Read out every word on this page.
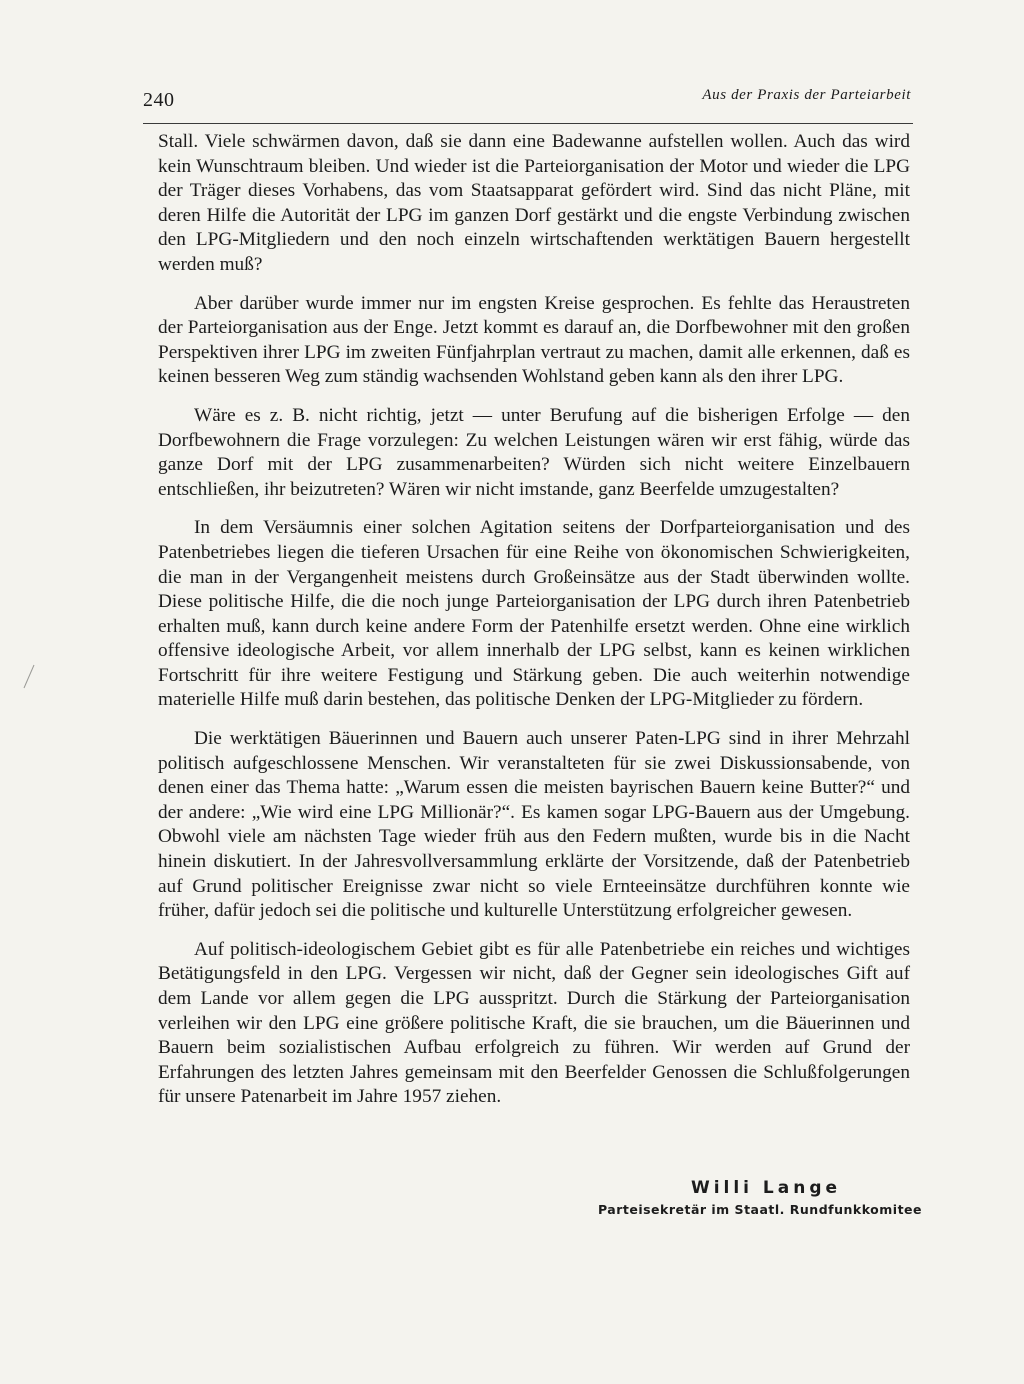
240	Aus der Praxis der Parteiarbeit

Stall. Viele schwärmen davon, daß sie dann eine Badewanne aufstellen wollen. Auch das wird kein Wunschtraum bleiben. Und wieder ist die Parteiorganisation der Motor und wieder die LPG der Träger dieses Vorhabens, das vom Staatsapparat gefördert wird. Sind das nicht Pläne, mit deren Hilfe die Autorität der LPG im ganzen Dorf gestärkt und die engste Verbindung zwischen den LPG-Mitgliedern und den noch einzeln wirtschaftenden werktätigen Bauern hergestellt werden muß?

Aber darüber wurde immer nur im engsten Kreise gesprochen. Es fehlte das Heraustreten der Parteiorganisation aus der Enge. Jetzt kommt es darauf an, die Dorfbewohner mit den großen Perspektiven ihrer LPG im zweiten Fünfjahrplan vertraut zu machen, damit alle erkennen, daß es keinen besseren Weg zum ständig wachsenden Wohlstand geben kann als den ihrer LPG.

Wäre es z. B. nicht richtig, jetzt — unter Berufung auf die bisherigen Erfolge — den Dorfbewohnern die Frage vorzulegen: Zu welchen Leistungen wären wir erst fähig, würde das ganze Dorf mit der LPG zusammenarbeiten? Würden sich nicht weitere Einzelbauern entschließen, ihr beizutreten? Wären wir nicht imstande, ganz Beerfelde umzugestalten?

In dem Versäumnis einer solchen Agitation seitens der Dorfparteiorganisation und des Patenbetriebes liegen die tieferen Ursachen für eine Reihe von ökonomischen Schwierigkeiten, die man in der Vergangenheit meistens durch Großeinsätze aus der Stadt überwinden wollte. Diese politische Hilfe, die die noch junge Parteiorganisation der LPG durch ihren Patenbetrieb erhalten muß, kann durch keine andere Form der Patenhilfe ersetzt werden. Ohne eine wirklich offensive ideologische Arbeit, vor allem innerhalb der LPG selbst, kann es keinen wirklichen Fortschritt für ihre weitere Festigung und Stärkung geben. Die auch weiterhin notwendige materielle Hilfe muß darin bestehen, das politische Denken der LPG-Mitglieder zu fördern.

Die werktätigen Bäuerinnen und Bauern auch unserer Paten-LPG sind in ihrer Mehrzahl politisch aufgeschlossene Menschen. Wir veranstalteten für sie zwei Diskussionsabende, von denen einer das Thema hatte: „Warum essen die meisten bayrischen Bauern keine Butter?“ und der andere: „Wie wird eine LPG Millionär?“. Es kamen sogar LPG-Bauern aus der Umgebung. Obwohl viele am nächsten Tage wieder früh aus den Federn mußten, wurde bis in die Nacht hinein diskutiert. In der Jahresvollversammlung erklärte der Vorsitzende, daß der Patenbetrieb auf Grund politischer Ereignisse zwar nicht so viele Ernteeinsätze durchführen konnte wie früher, dafür jedoch sei die politische und kulturelle Unterstützung erfolgreicher gewesen.

Auf politisch-ideologischem Gebiet gibt es für alle Patenbetriebe ein reiches und wichtiges Betätigungsfeld in den LPG. Vergessen wir nicht, daß der Gegner sein ideologisches Gift auf dem Lande vor allem gegen die LPG ausspritzt. Durch die Stärkung der Parteiorganisation verleihen wir den LPG eine größere politische Kraft, die sie brauchen, um die Bäuerinnen und Bauern beim sozialistischen Aufbau erfolgreich zu führen. Wir werden auf Grund der Erfahrungen des letzten Jahres gemeinsam mit den Beerfelder Genossen die Schlußfolgerungen für unsere Patenarbeit im Jahre 1957 ziehen.

Willi Lange
Parteisekretär im Staatl. Rundfunkkomitee
